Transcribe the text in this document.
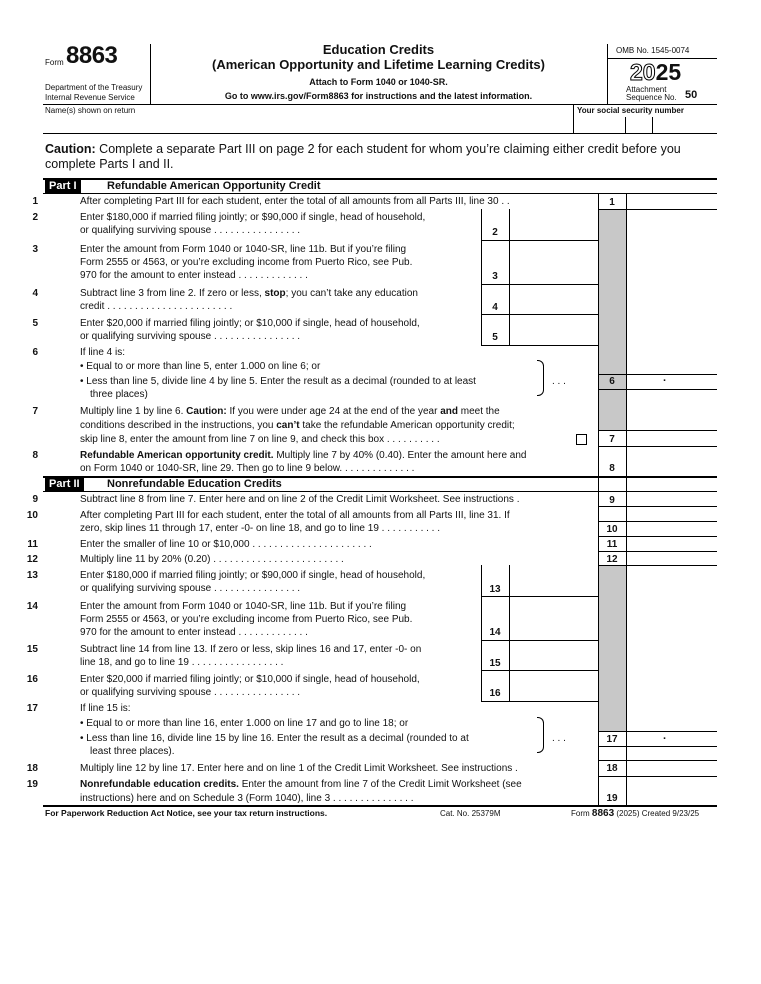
Form 8863
Department of the Treasury
Internal Revenue Service
Education Credits
(American Opportunity and Lifetime Learning Credits)
Attach to Form 1040 or 1040-SR.
Go to www.irs.gov/Form8863 for instructions and the latest information.
OMB No. 1545-0074
2025
Attachment
Sequence No. 50
Name(s) shown on return	Your social security number
Caution: Complete a separate Part III on page 2 for each student for whom you’re claiming either credit before you
complete Parts I and II.
Part I	Refundable American Opportunity Credit
1	After completing Part III for each student, enter the total of all amounts from all Parts III, line 30 . .	1
2	Enter $180,000 if married filing jointly; or $90,000 if single, head of household,
or qualifying surviving spouse . . . . . . . . . . . . . . . .	2
3	Enter the amount from Form 1040 or 1040-SR, line 11b. But if you’re filing
Form 2555 or 4563, or you’re excluding income from Puerto Rico, see Pub.
970 for the amount to enter instead . . . . . . . . . . . . .	3
4	Subtract line 3 from line 2. If zero or less, stop; you can’t take any education
credit . . . . . . . . . . . . . . . . . . . . . . .	4
5	Enter $20,000 if married filing jointly; or $10,000 if single, head of household,
or qualifying surviving spouse . . . . . . . . . . . . . . . .	5
6	If line 4 is:
• Equal to or more than line 5, enter 1.000 on line 6; or
• Less than line 5, divide line 4 by line 5. Enter the result as a decimal (rounded to at least
three places)
. . .	6	.
7	Multiply line 1 by line 6. Caution: If you were under age 24 at the end of the year and meet the
conditions described in the instructions, you can’t take the refundable American opportunity credit;
skip line 8, enter the amount from line 7 on line 9, and check this box . . . . . . . . . .	7
8	Refundable American opportunity credit. Multiply line 7 by 40% (0.40). Enter the amount here and
on Form 1040 or 1040-SR, line 29. Then go to line 9 below. . . . . . . . . . . . . .	8
Part II	Nonrefundable Education Credits
9	Subtract line 8 from line 7. Enter here and on line 2 of the Credit Limit Worksheet. See instructions .	9
10	After completing Part III for each student, enter the total of all amounts from all Parts III, line 31. If
zero, skip lines 11 through 17, enter -0- on line 18, and go to line 19 . . . . . . . . . . .	10
11	Enter the smaller of line 10 or $10,000 . . . . . . . . . . . . . . . . . . . . . .	11
12	Multiply line 11 by 20% (0.20) . . . . . . . . . . . . . . . . . . . . . . . .	12
13	Enter $180,000 if married filing jointly; or $90,000 if single, head of household,
or qualifying surviving spouse . . . . . . . . . . . . . . . .	13
14	Enter the amount from Form 1040 or 1040-SR, line 11b. But if you’re filing
Form 2555 or 4563, or you’re excluding income from Puerto Rico, see Pub.
970 for the amount to enter instead . . . . . . . . . . . . .	14
15	Subtract line 14 from line 13. If zero or less, skip lines 16 and 17, enter -0- on
line 18, and go to line 19 . . . . . . . . . . . . . . . . .	15
16	Enter $20,000 if married filing jointly; or $10,000 if single, head of household,
or qualifying surviving spouse . . . . . . . . . . . . . . . .	16
17	If line 15 is:
• Equal to or more than line 16, enter 1.000 on line 17 and go to line 18; or
• Less than line 16, divide line 15 by line 16. Enter the result as a decimal (rounded to at
least three places).
. . .	17	.
18	Multiply line 12 by line 17. Enter here and on line 1 of the Credit Limit Worksheet. See instructions .	18
19	Nonrefundable education credits. Enter the amount from line 7 of the Credit Limit Worksheet (see
instructions) here and on Schedule 3 (Form 1040), line 3 . . . . . . . . . . . . . . .	19
For Paperwork Reduction Act Notice, see your tax return instructions.	Cat. No. 25379M	Form 8863 (2025) Created 9/23/25
